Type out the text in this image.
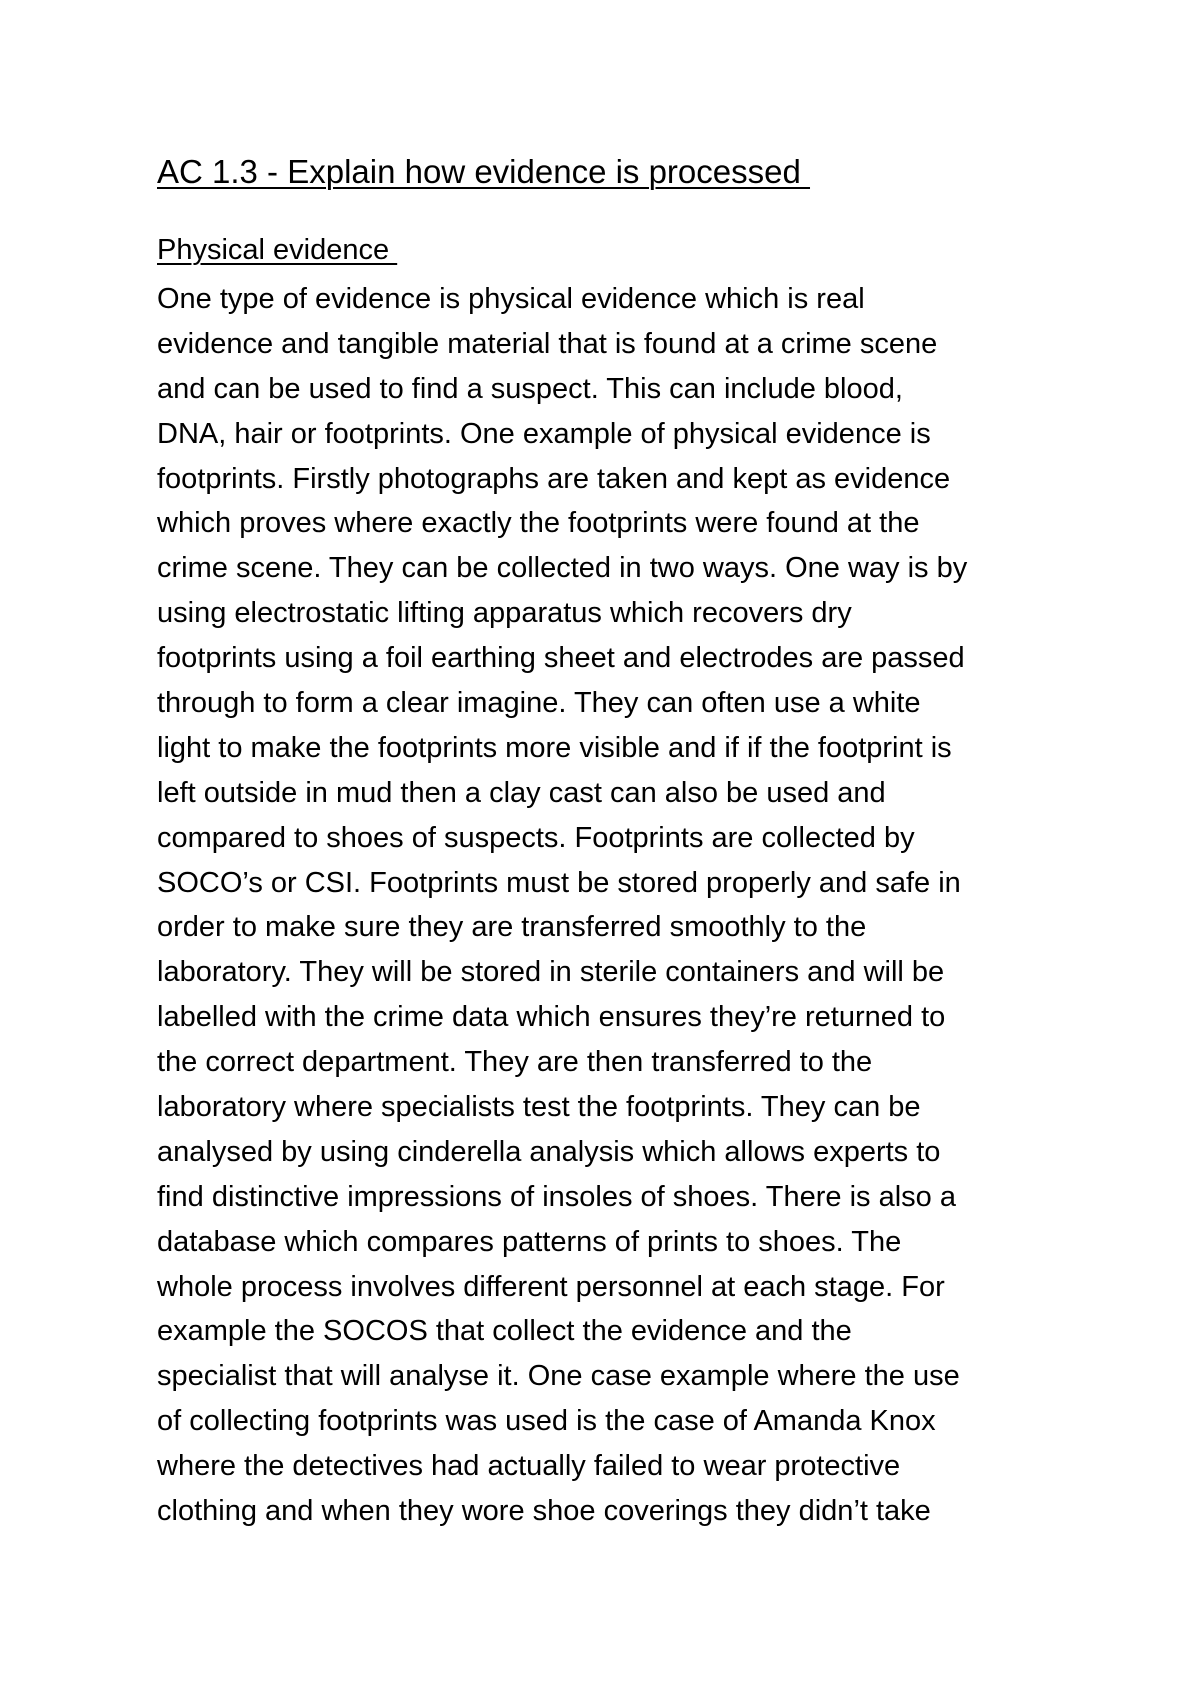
AC 1.3 - Explain how evidence is processed
Physical evidence
One type of evidence is physical evidence which is real
evidence and tangible material that is found at a crime scene
and can be used to find a suspect. This can include blood,
DNA, hair or footprints. One example of physical evidence is
footprints. Firstly photographs are taken and kept as evidence
which proves where exactly the footprints were found at the
crime scene. They can be collected in two ways. One way is by
using electrostatic lifting apparatus which recovers dry
footprints using a foil earthing sheet and electrodes are passed
through to form a clear imagine. They can often use a white
light to make the footprints more visible and if if the footprint is
left outside in mud then a clay cast can also be used and
compared to shoes of suspects. Footprints are collected by
SOCO’s or CSI. Footprints must be stored properly and safe in
order to make sure they are transferred smoothly to the
laboratory. They will be stored in sterile containers and will be
labelled with the crime data which ensures they’re returned to
the correct department. They are then transferred to the
laboratory where specialists test the footprints. They can be
analysed by using cinderella analysis which allows experts to
find distinctive impressions of insoles of shoes. There is also a
database which compares patterns of prints to shoes. The
whole process involves different personnel at each stage. For
example the SOCOS that collect the evidence and the
specialist that will analyse it. One case example where the use
of collecting footprints was used is the case of Amanda Knox
where the detectives had actually failed to wear protective
clothing and when they wore shoe coverings they didn’t take
